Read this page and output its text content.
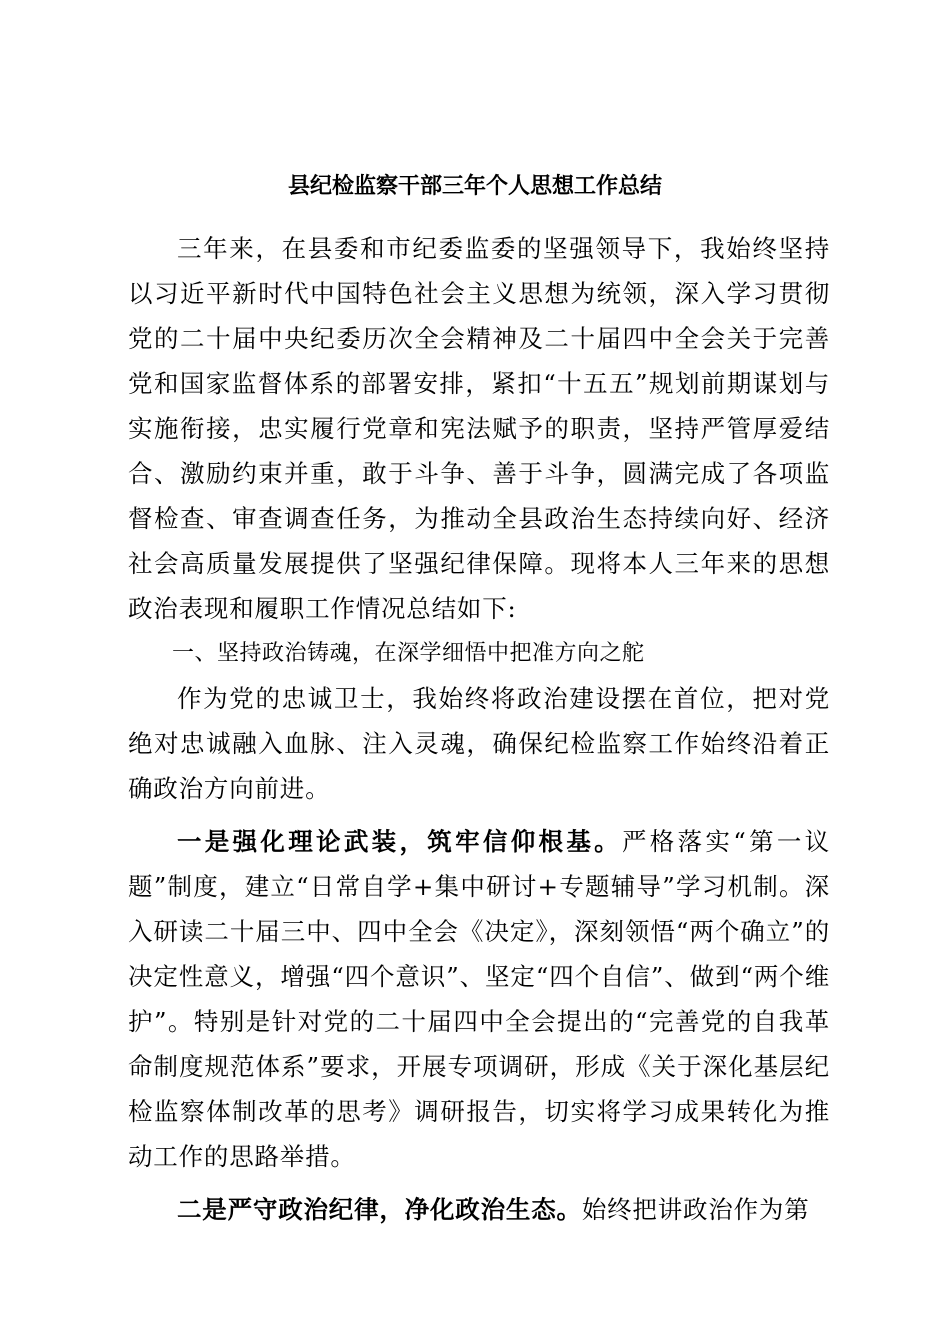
县纪检监察干部三年个人思想工作总结

三年来，在县委和市纪委监委的坚强领导下，我始终坚持以习近平新时代中国特色社会主义思想为统领，深入学习贯彻党的二十届中央纪委历次全会精神及二十届四中全会关于完善党和国家监督体系的部署安排，紧扣“十五五”规划前期谋划与实施衔接，忠实履行党章和宪法赋予的职责，坚持严管厚爱结合、激励约束并重，敢于斗争、善于斗争，圆满完成了各项监督检查、审查调查任务，为推动全县政治生态持续向好、经济社会高质量发展提供了坚强纪律保障。现将本人三年来的思想政治表现和履职工作情况总结如下:

一、坚持政治铸魂，在深学细悟中把准方向之舵

作为党的忠诚卫士，我始终将政治建设摆在首位，把对党绝对忠诚融入血脉、注入灵魂，确保纪检监察工作始终沿着正确政治方向前进。

一是强化理论武装，筑牢信仰根基。严格落实“第一议题”制度，建立“日常自学+集中研讨+专题辅导”学习机制。深入研读二十届三中、四中全会《决定》，深刻领悟“两个确立”的决定性意义，增强“四个意识”、坚定“四个自信”、做到“两个维护”。特别是针对党的二十届四中全会提出的“完善党的自我革命制度规范体系”要求，开展专项调研，形成《关于深化基层纪检监察体制改革的思考》调研报告，切实将学习成果转化为推动工作的思路举措。

二是严守政治纪律，净化政治生态。始终把讲政治作为第
